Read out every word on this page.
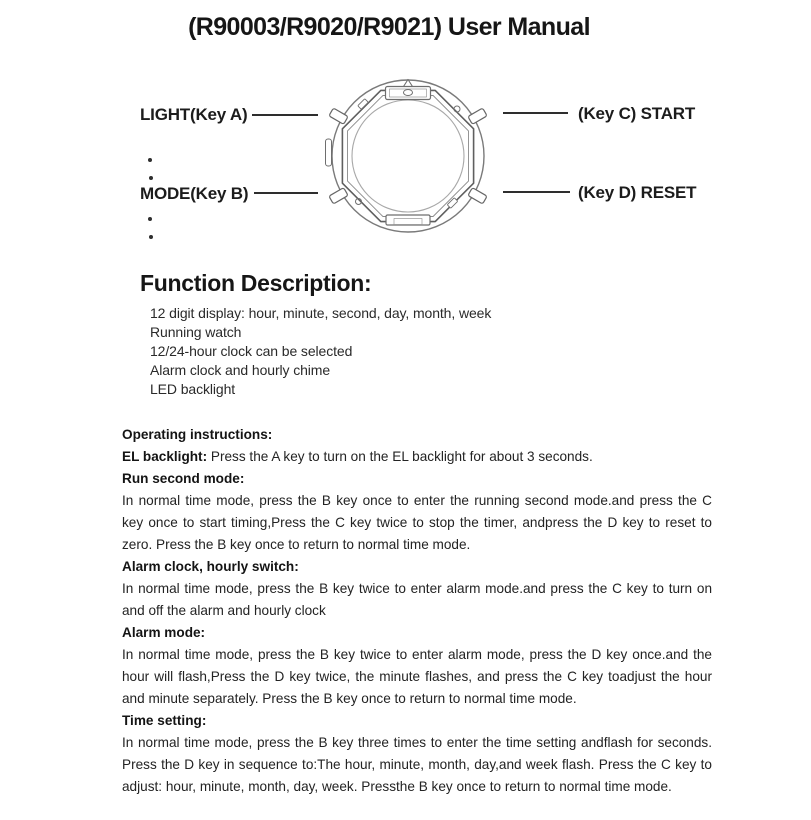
(R90003/R9020/R9021) User Manual
LIGHT(Key A)	(Key C) START
MODE(Key B)	(Key D) RESET
Function Description:
12 digit display: hour, minute, second, day, month, week
Running watch
12/24-hour clock can be selected
Alarm clock and hourly chime
LED backlight

Operating instructions:

EL backlight: Press the A key to turn on the EL backlight for about 3 seconds.

Run second mode:

In normal time mode, press the B key once to enter the running second mode.and press the C key once to start timing,Press the C key twice to stop the timer, andpress the D key to reset to zero. Press the B key once to return to normal time mode.

Alarm clock, hourly switch:

In normal time mode, press the B key twice to enter alarm mode.and press the C key to turn on and off the alarm and hourly clock

Alarm mode:

In normal time mode, press the B key twice to enter alarm mode, press the D key once.and the hour will flash,Press the D key twice, the minute flashes, and press the C key toadjust the hour and minute separately. Press the B key once to return to normal time mode.

Time setting:

In normal time mode, press the B key three times to enter the time setting andflash for seconds. Press the D key in sequence to:The hour, minute, month, day,and week flash. Press the C key to adjust: hour, minute, month, day, week. Pressthe B key once to return to normal time mode.
